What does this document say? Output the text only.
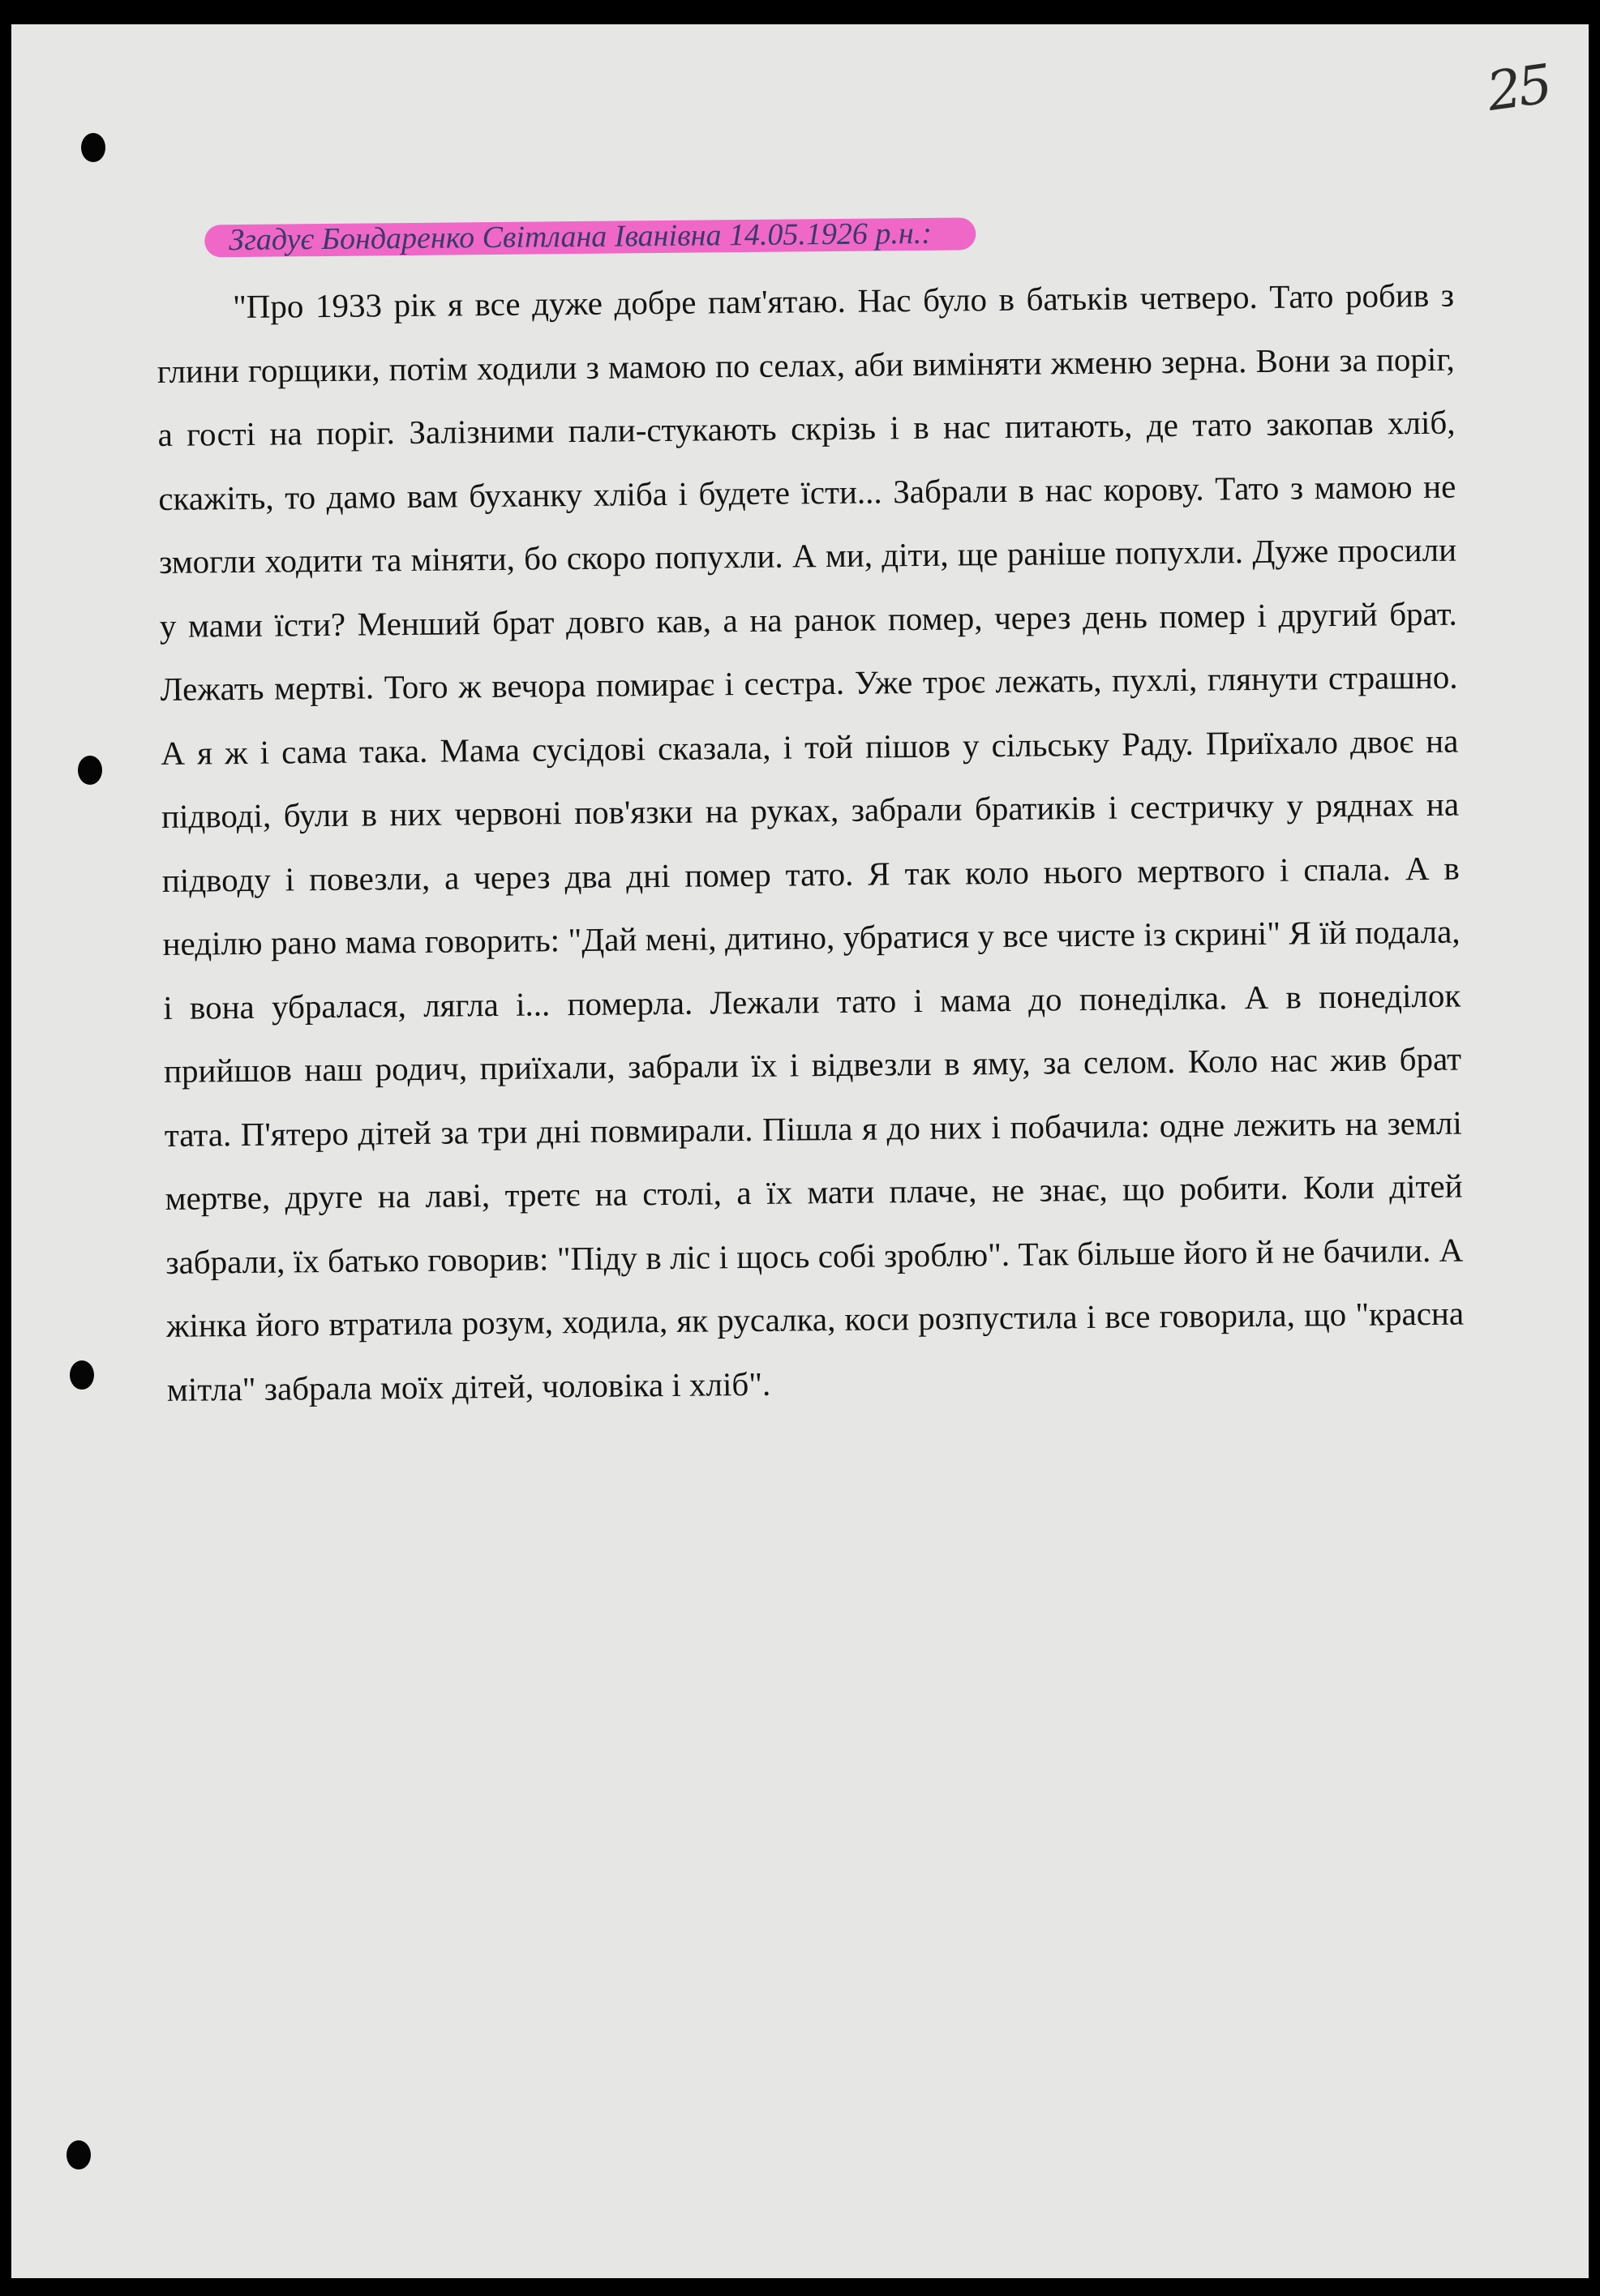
25
Згадує Бондаренко Світлана Іванівна 14.05.1926 р.н.:

"Про 1933 рік я все дуже добре пам'ятаю. Нас було в батьків четверо. Тато робив з глини горщики, потім ходили з мамою по селах, аби виміняти жменю зерна. Вони за поріг, а гості на поріг. Залізними пали-стукають скрізь і в нас питають, де тато закопав хліб, скажіть, то дамо вам буханку хліба і будете їсти... Забрали в нас корову. Тато з мамою не змогли ходити та міняти, бо скоро попухли. А ми, діти, ще раніше попухли. Дуже просили у мами їсти? Менший брат довго кав, а на ранок помер, через день помер і другий брат. Лежать мертві. Того ж вечора помирає і сестра. Уже троє лежать, пухлі, глянути страшно. А я ж і сама така. Мама сусідові сказала, і той пішов у сільську Раду. Приїхало двоє на підводі, були в них червоні пов'язки на руках, забрали братиків і сестричку у ряднах на підводу і повезли, а через два дні помер тато. Я так коло нього мертвого і спала. А в неділю рано мама говорить: "Дай мені, дитино, убратися у все чисте із скрині" Я їй подала, і вона убралася, лягла і... померла. Лежали тато і мама до понеділка. А в понеділок прийшов наш родич, приїхали, забрали їх і відвезли в яму, за селом. Коло нас жив брат тата. П'ятеро дітей за три дні повмирали. Пішла я до них і побачила: одне лежить на землі мертве, друге на лаві, третє на столі, а їх мати плаче, не знає, що робити. Коли дітей забрали, їх батько говорив: "Піду в ліс і щось собі зроблю". Так більше його й не бачили. А жінка його втратила розум, ходила, як русалка, коси розпустила і все говорила, що "красна мітла" забрала моїх дітей, чоловіка і хліб".
